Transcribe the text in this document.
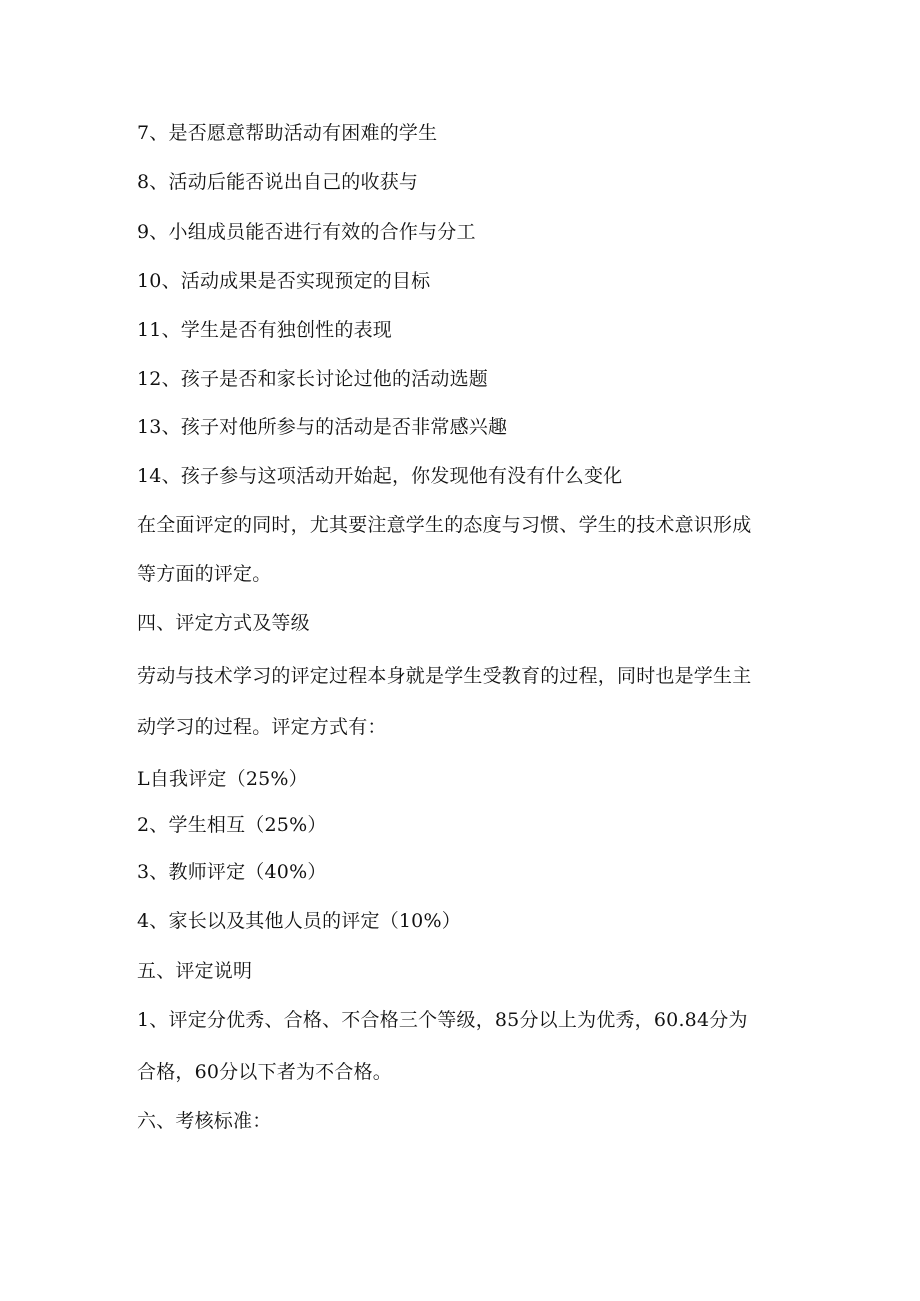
7、是否愿意帮助活动有困难的学生
8、活动后能否说出自己的收获与
9、小组成员能否进行有效的合作与分工
10、活动成果是否实现预定的目标
11、学生是否有独创性的表现
12、孩子是否和家长讨论过他的活动选题
13、孩子对他所参与的活动是否非常感兴趣
14、孩子参与这项活动开始起，你发现他有没有什么变化
在全面评定的同时，尤其要注意学生的态度与习惯、学生的技术意识形成
等方面的评定。
四、评定方式及等级
劳动与技术学习的评定过程本身就是学生受教育的过程，同时也是学生主
动学习的过程。评定方式有：
L自我评定（25%）
2、学生相互（25%）
3、教师评定（40%）
4、家长以及其他人员的评定（10%）
五、评定说明
1、评定分优秀、合格、不合格三个等级，85分以上为优秀，60.84分为
合格，60分以下者为不合格。
六、考核标准：
